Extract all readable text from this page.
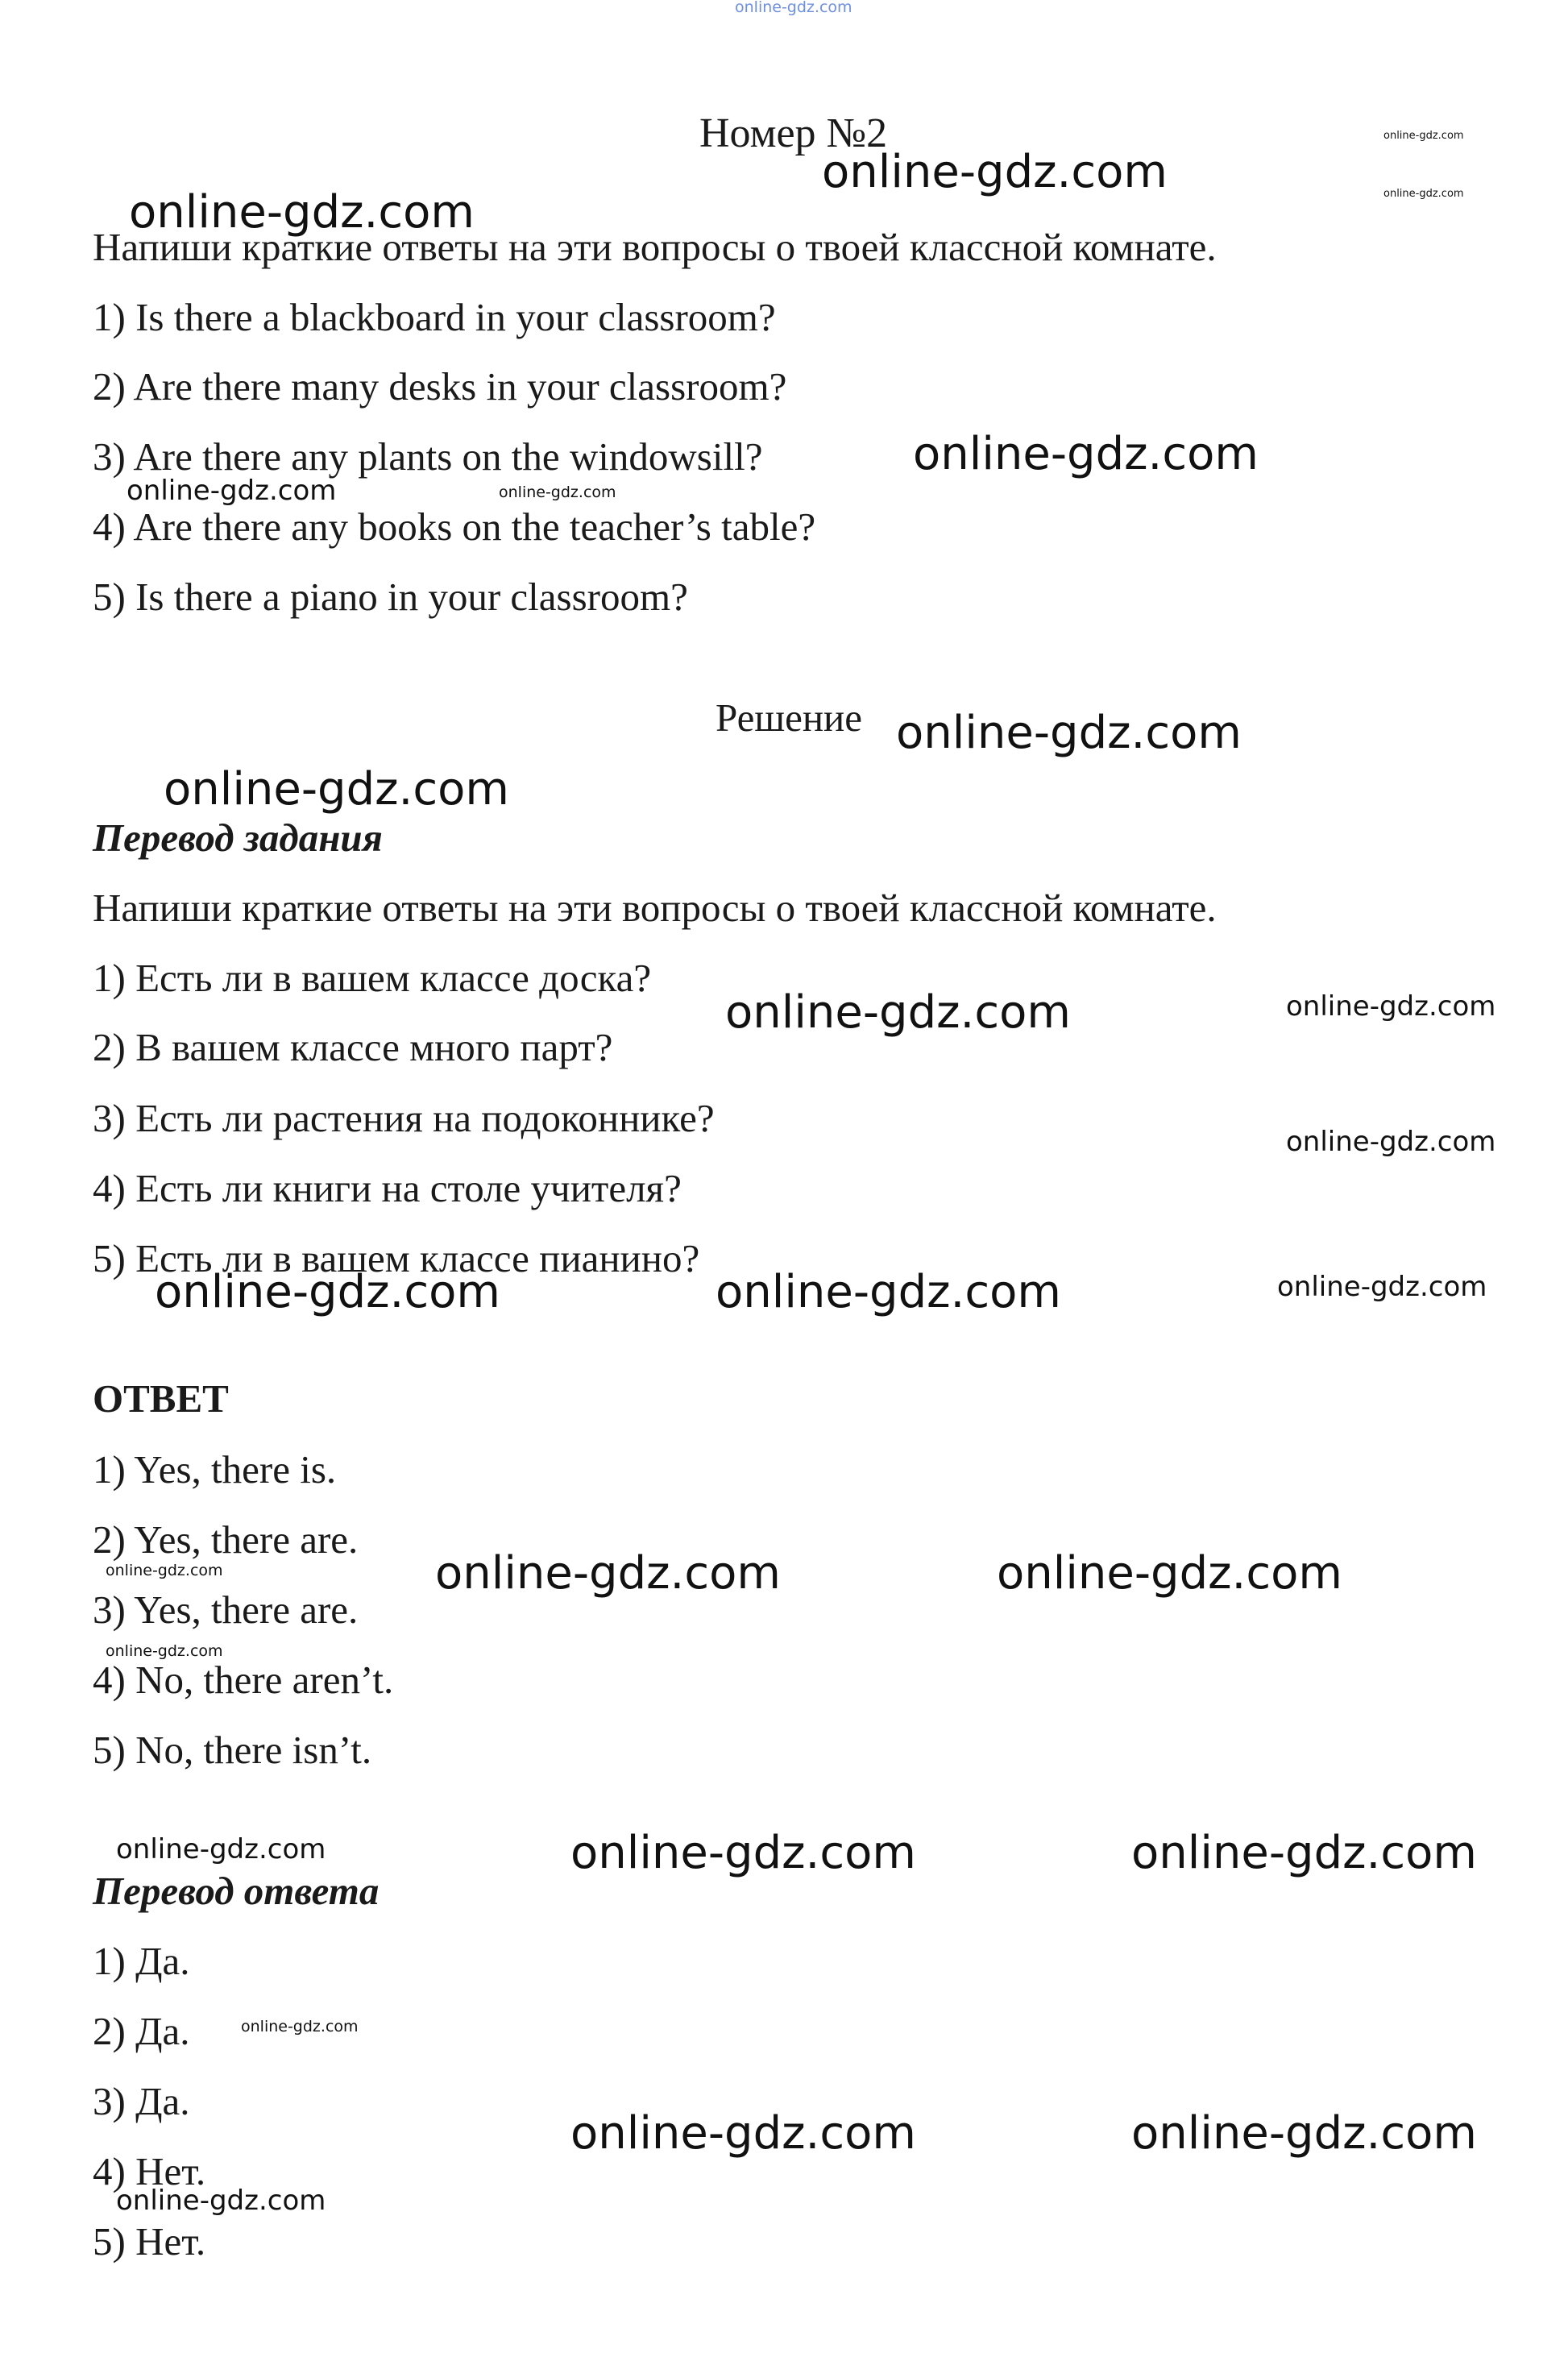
online-gdz.com
Номер №2
Напиши краткие ответы на эти вопросы о твоей классной комнате.
1) Is there a blackboard in your classroom?
2) Are there many desks in your classroom?
3) Are there any plants on the windowsill?
4) Are there any books on the teacher’s table?
5) Is there a piano in your classroom?
Решение
Перевод задания
Напиши краткие ответы на эти вопросы о твоей классной комнате.
1) Есть ли в вашем классе доска?
2) В вашем классе много парт?
3) Есть ли растения на подоконнике?
4) Есть ли книги на столе учителя?
5) Есть ли в вашем классе пианино?
ОТВЕТ
1) Yes, there is.
2) Yes, there are.
3) Yes, there are.
4) No, there aren’t.
5) No, there isn’t.
Перевод ответа
1) Да.
2) Да.
3) Да.
4) Нет.
5) Нет.
online-gdz.com
online-gdz.com
online-gdz.com
online-gdz.com
online-gdz.com
online-gdz.com	online-gdz.com
online-gdz.com
online-gdz.com
online-gdz.com	online-gdz.com
online-gdz.com
online-gdz.com	online-gdz.com	online-gdz.com
online-gdz.com	online-gdz.com
online-gdz.com
online-gdz.com
online-gdz.com	online-gdz.com	online-gdz.com
online-gdz.com
online-gdz.com	online-gdz.com
online-gdz.com
